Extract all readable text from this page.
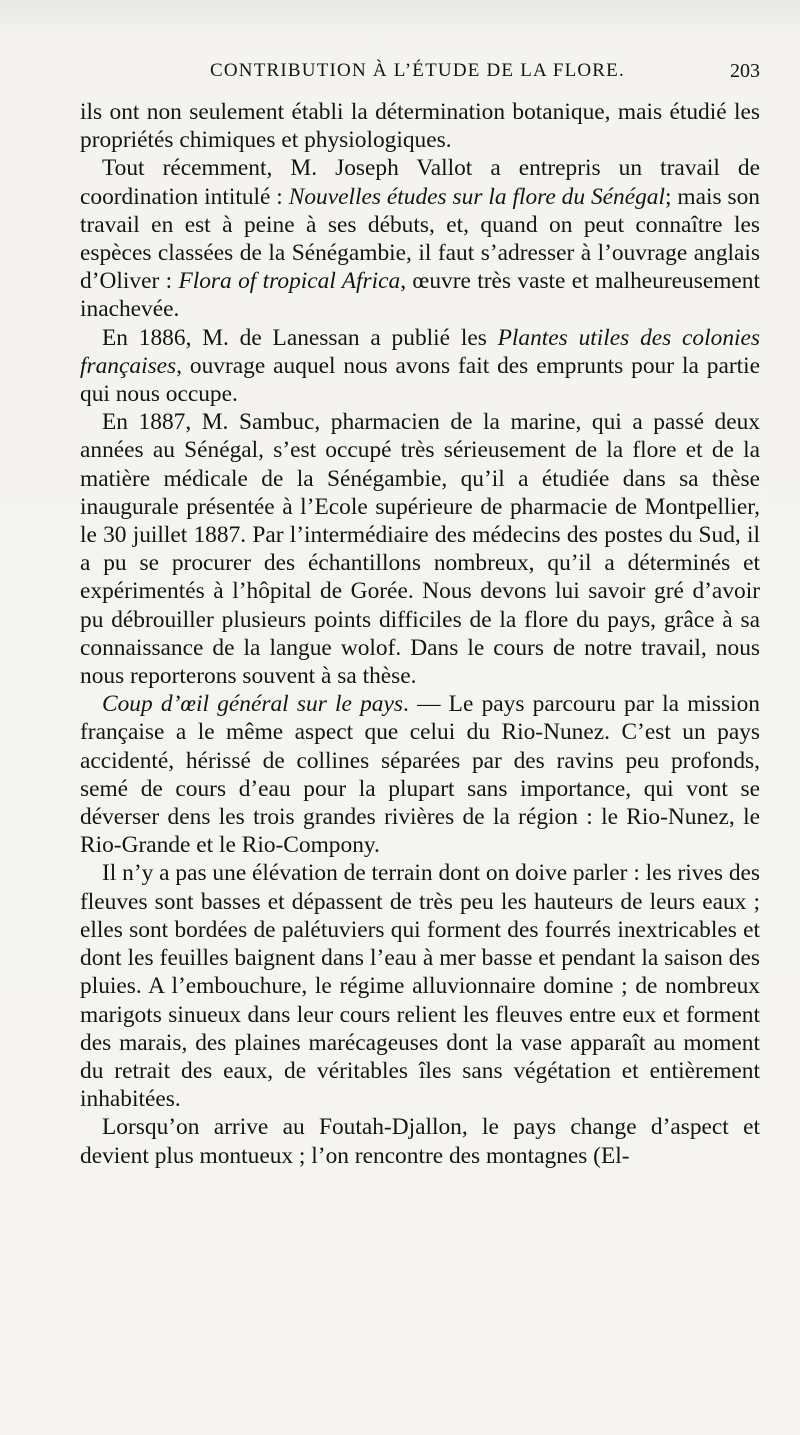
CONTRIBUTION À L’ÉTUDE DE LA FLORE.	203

ils ont non seulement établi la détermination botanique, mais étudié les propriétés chimiques et physiologiques.

Tout récemment, M. Joseph Vallot a entrepris un travail de coordination intitulé : Nouvelles études sur la flore du Sénégal; mais son travail en est à peine à ses débuts, et, quand on peut connaître les espèces classées de la Sénégambie, il faut s’adresser à l’ouvrage anglais d’Oliver : Flora of tropical Africa, œuvre très vaste et malheureusement inachevée.

En 1886, M. de Lanessan a publié les Plantes utiles des colonies françaises, ouvrage auquel nous avons fait des emprunts pour la partie qui nous occupe.

En 1887, M. Sambuc, pharmacien de la marine, qui a passé deux années au Sénégal, s’est occupé très sérieusement de la flore et de la matière médicale de la Sénégambie, qu’il a étudiée dans sa thèse inaugurale présentée à l’Ecole supérieure de pharmacie de Montpellier, le 30 juillet 1887. Par l’intermédiaire des médecins des postes du Sud, il a pu se procurer des échantillons nombreux, qu’il a déterminés et expérimentés à l’hôpital de Gorée. Nous devons lui savoir gré d’avoir pu débrouiller plusieurs points difficiles de la flore du pays, grâce à sa connaissance de la langue wolof. Dans le cours de notre travail, nous nous reporterons souvent à sa thèse.

Coup d’œil général sur le pays. — Le pays parcouru par la mission française a le même aspect que celui du Rio-Nunez. C’est un pays accidenté, hérissé de collines séparées par des ravins peu profonds, semé de cours d’eau pour la plupart sans importance, qui vont se déverser dens les trois grandes rivières de la région : le Rio-Nunez, le Rio-Grande et le Rio-Compony.

Il n’y a pas une élévation de terrain dont on doive parler : les rives des fleuves sont basses et dépassent de très peu les hauteurs de leurs eaux ; elles sont bordées de palétuviers qui forment des fourrés inextricables et dont les feuilles baignent dans l’eau à mer basse et pendant la saison des pluies. A l’embouchure, le régime alluvionnaire domine ; de nombreux marigots sinueux dans leur cours relient les fleuves entre eux et forment des marais, des plaines marécageuses dont la vase apparaît au moment du retrait des eaux, de véritables îles sans végétation et entièrement inhabitées.

Lorsqu’on arrive au Foutah-Djallon, le pays change d’aspect et devient plus montueux ; l’on rencontre des montagnes (El-
